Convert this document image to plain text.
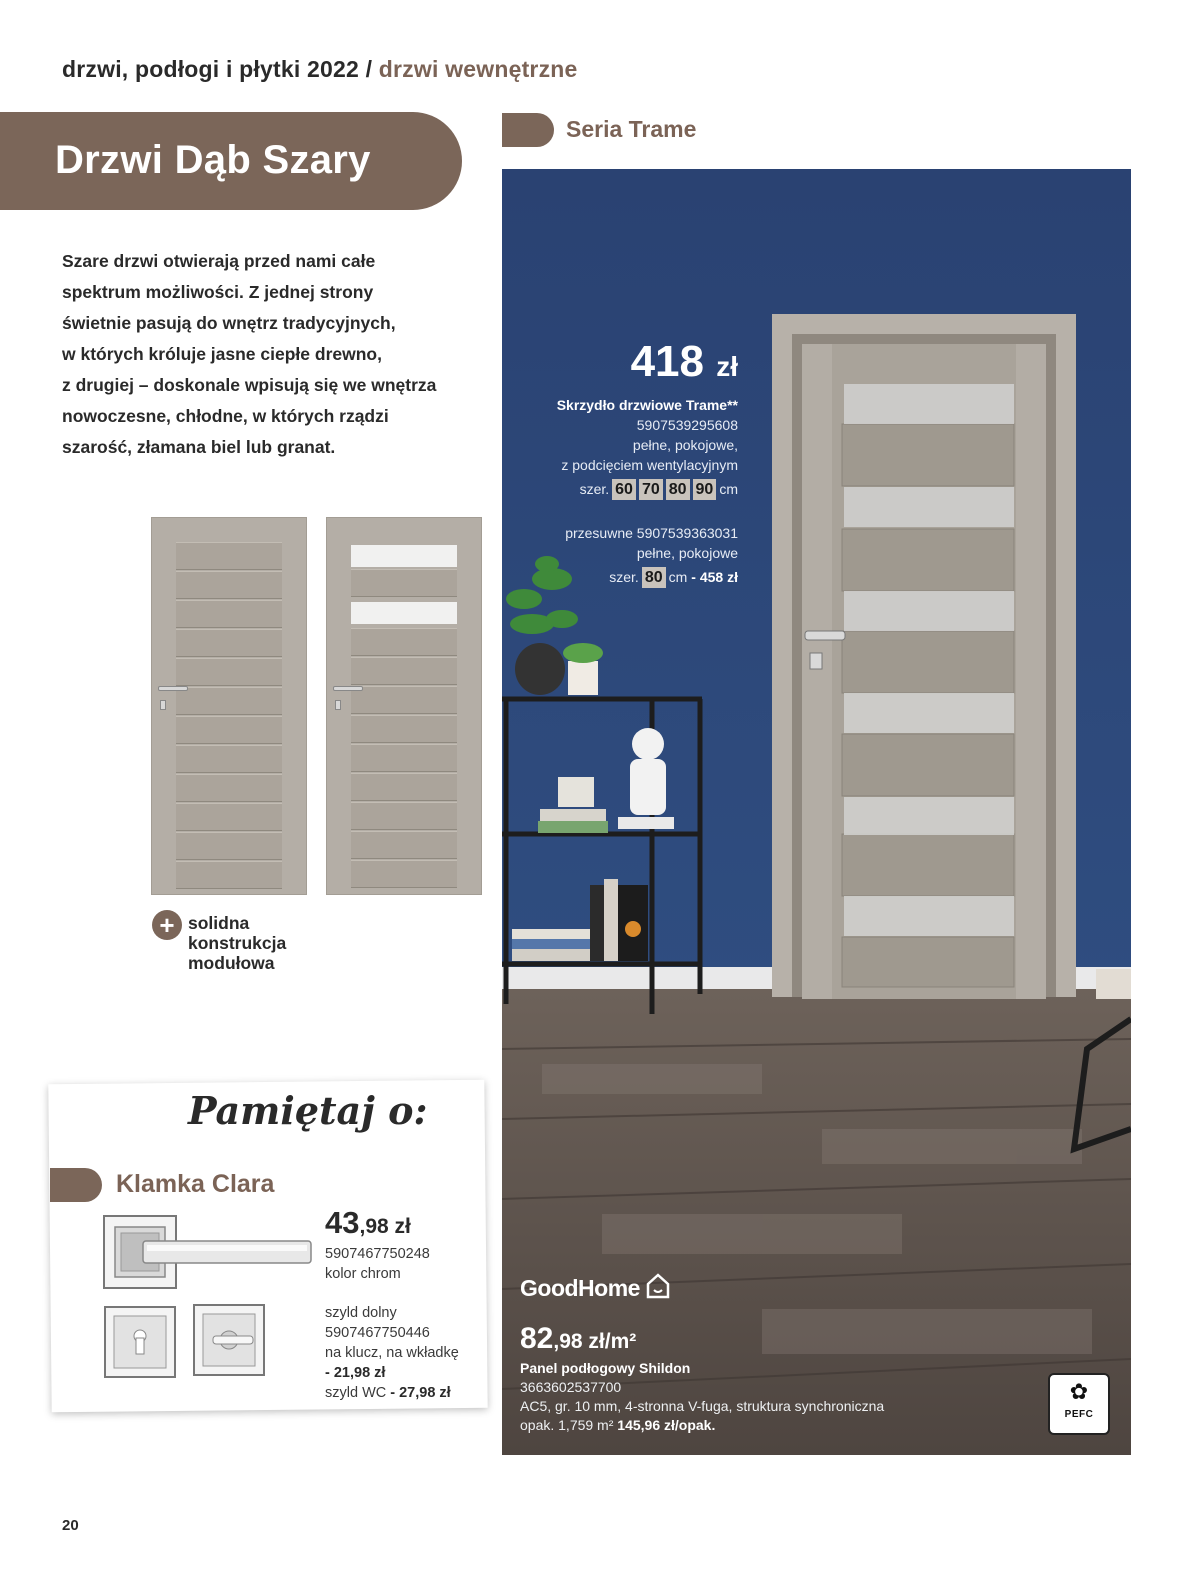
drzwi, podłogi i płytki 2022 / drzwi wewnętrzne
Drzwi Dąb Szary
Szare drzwi otwierają przed nami całe
spektrum możliwości. Z jednej strony
świetnie pasują do wnętrz tradycyjnych,
w których króluje jasne ciepłe drewno,
z drugiej – doskonale wpisują się we wnętrza
nowoczesne, chłodne, w których rządzi
szarość, złamana biel lub granat.
+ solidna
konstrukcja
modułowa
Pamiętaj o:
Klamka Clara
43,98 zł
5907467750248
kolor chrom
szyld dolny
5907467750446
na klucz, na wkładkę
- 21,98 zł
szyld WC - 27,98 zł
Seria Trame
418 zł
Skrzydło drzwiowe Trame**
5907539295608
pełne, pokojowe,
z podcięciem wentylacyjnym
szer. 60 70 80 90 cm
przesuwne 5907539363031
pełne, pokojowe
szer. 80 cm - 458 zł
GoodHome
82,98 zł/m²
Panel podłogowy Shildon
3663602537700
AC5, gr. 10 mm, 4-stronna V-fuga, struktura synchroniczna
opak. 1,759 m² 145,96 zł/opak.
✿
PEFC
20
